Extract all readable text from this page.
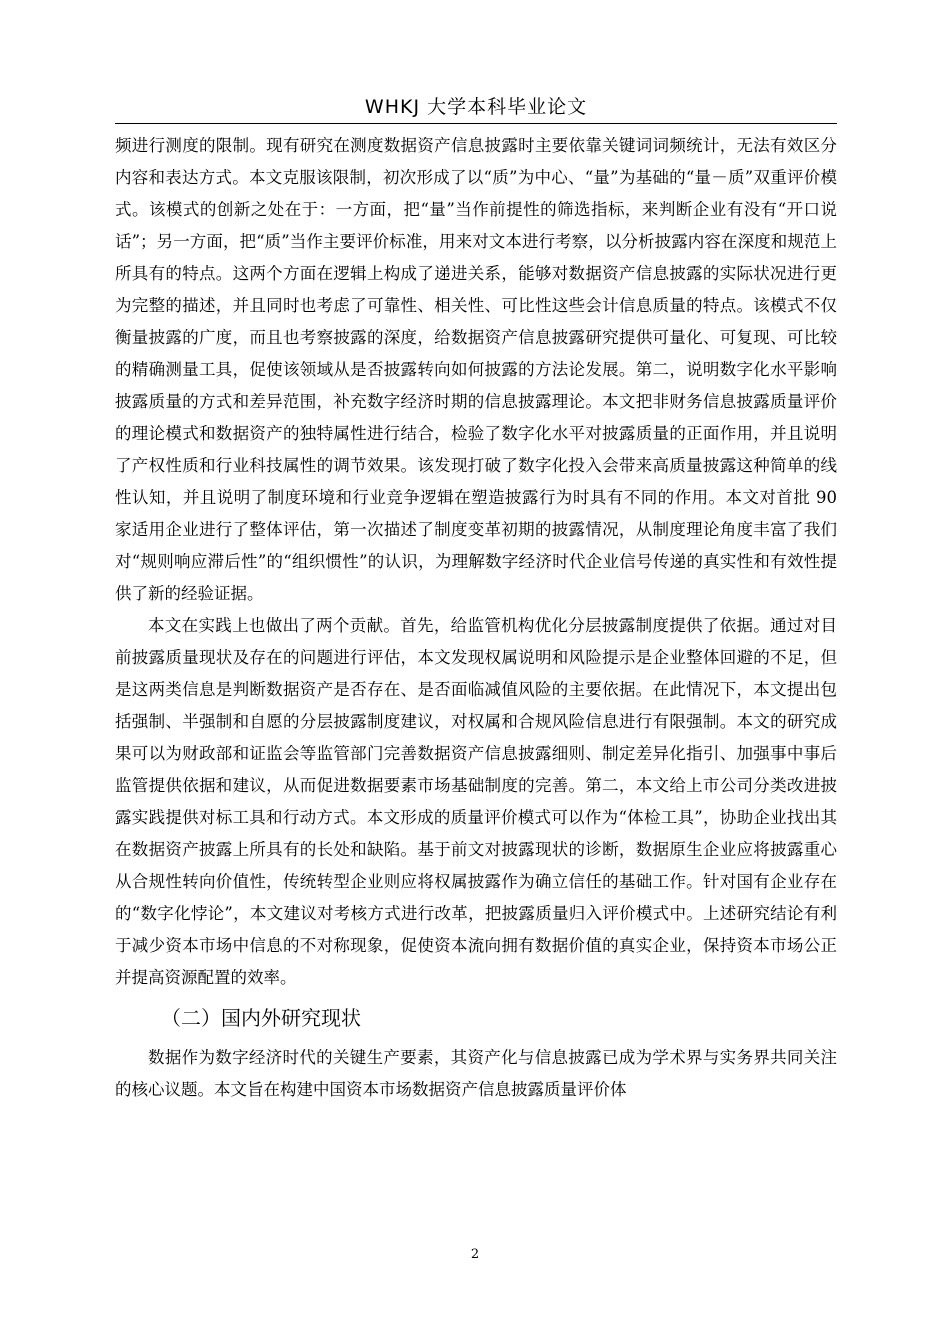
WHKJ 大学本科毕业论文

频进行测度的限制。现有研究在测度数据资产信息披露时主要依靠关键词词频统计，无法有效区分内容和表达方式。本文克服该限制，初次形成了以“质”为中心、“量”为基础的“量－质”双重评价模式。该模式的创新之处在于：一方面，把“量”当作前提性的筛选指标，来判断企业有没有“开口说话”；另一方面，把“质”当作主要评价标准，用来对文本进行考察，以分析披露内容在深度和规范上所具有的特点。这两个方面在逻辑上构成了递进关系，能够对数据资产信息披露的实际状况进行更为完整的描述，并且同时也考虑了可靠性、相关性、可比性这些会计信息质量的特点。该模式不仅衡量披露的广度，而且也考察披露的深度，给数据资产信息披露研究提供可量化、可复现、可比较的精确测量工具，促使该领域从是否披露转向如何披露的方法论发展。第二，说明数字化水平影响披露质量的方式和差异范围，补充数字经济时期的信息披露理论。本文把非财务信息披露质量评价的理论模式和数据资产的独特属性进行结合，检验了数字化水平对披露质量的正面作用，并且说明了产权性质和行业科技属性的调节效果。该发现打破了数字化投入会带来高质量披露这种简单的线性认知，并且说明了制度环境和行业竞争逻辑在塑造披露行为时具有不同的作用。本文对首批 90 家适用企业进行了整体评估，第一次描述了制度变革初期的披露情况，从制度理论角度丰富了我们对“规则响应滞后性”的“组织惯性”的认识，为理解数字经济时代企业信号传递的真实性和有效性提供了新的经验证据。

本文在实践上也做出了两个贡献。首先，给监管机构优化分层披露制度提供了依据。通过对目前披露质量现状及存在的问题进行评估，本文发现权属说明和风险提示是企业整体回避的不足，但是这两类信息是判断数据资产是否存在、是否面临减值风险的主要依据。在此情况下，本文提出包括强制、半强制和自愿的分层披露制度建议，对权属和合规风险信息进行有限强制。本文的研究成果可以为财政部和证监会等监管部门完善数据资产信息披露细则、制定差异化指引、加强事中事后监管提供依据和建议，从而促进数据要素市场基础制度的完善。第二，本文给上市公司分类改进披露实践提供对标工具和行动方式。本文形成的质量评价模式可以作为“体检工具”，协助企业找出其在数据资产披露上所具有的长处和缺陷。基于前文对披露现状的诊断，数据原生企业应将披露重心从合规性转向价值性，传统转型企业则应将权属披露作为确立信任的基础工作。针对国有企业存在的“数字化悖论”，本文建议对考核方式进行改革，把披露质量归入评价模式中。上述研究结论有利于减少资本市场中信息的不对称现象，促使资本流向拥有数据价值的真实企业，保持资本市场公正并提高资源配置的效率。

（二）国内外研究现状

数据作为数字经济时代的关键生产要素，其资产化与信息披露已成为学术界与实务界共同关注的核心议题。本文旨在构建中国资本市场数据资产信息披露质量评价体

2
